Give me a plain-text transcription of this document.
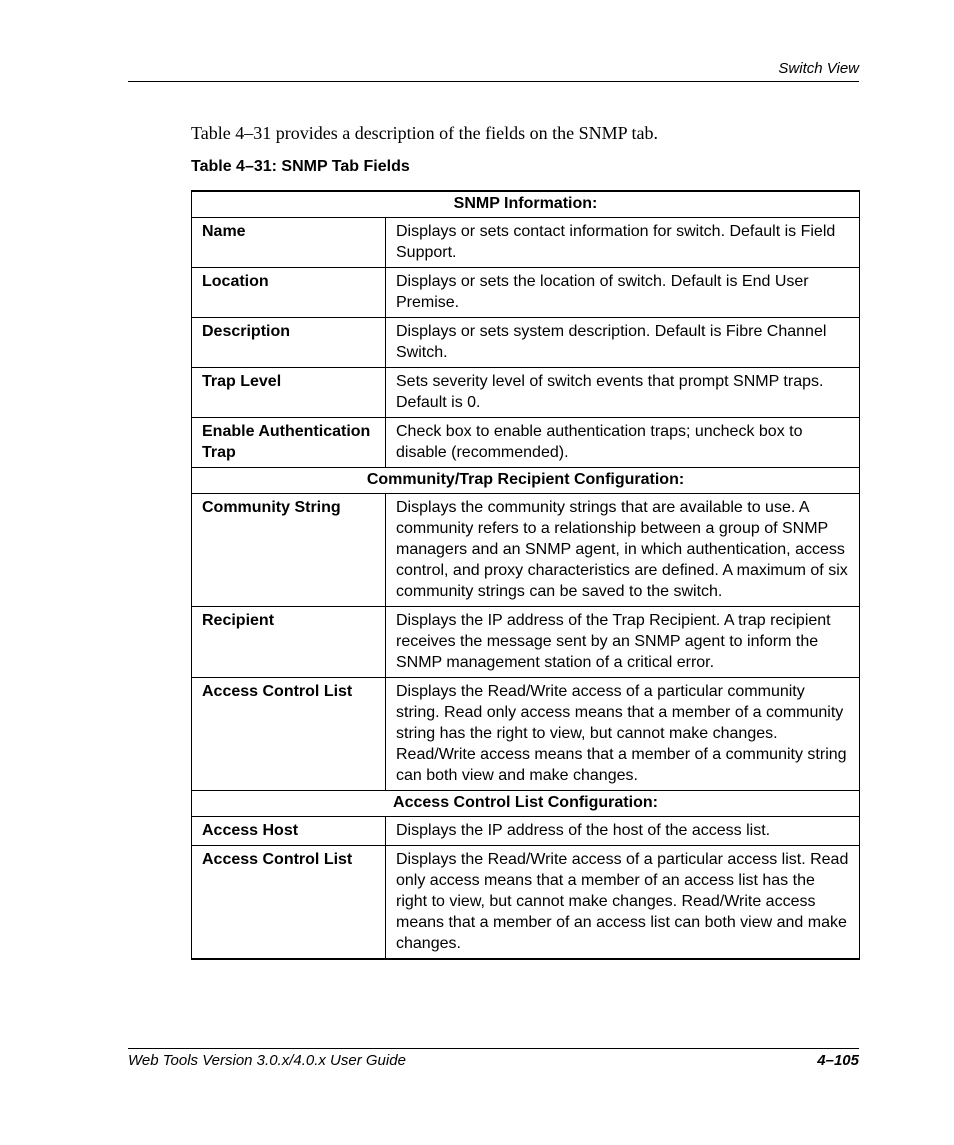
Switch View
Table 4–31 provides a description of the fields on the SNMP tab.
Table 4–31: SNMP Tab Fields
SNMP Information:	
Name	Displays or sets contact information for switch. Default is Field Support.
Location	Displays or sets the location of switch. Default is End User Premise.
Description	Displays or sets system description. Default is Fibre Channel Switch.
Trap Level	Sets severity level of switch events that prompt SNMP traps. Default is 0.
Enable Authentication Trap	Check box to enable authentication traps; uncheck box to disable (recommended).
Community/Trap Recipient Configuration:	
Community String	Displays the community strings that are available to use. A community refers to a relationship between a group of SNMP managers and an SNMP agent, in which authentication, access control, and proxy characteristics are defined. A maximum of six community strings can be saved to the switch.
Recipient	Displays the IP address of the Trap Recipient. A trap recipient receives the message sent by an SNMP agent to inform the SNMP management station of a critical error.
Access Control List	Displays the Read/Write access of a particular community string. Read only access means that a member of a community string has the right to view, but cannot make changes. Read/Write access means that a member of a community string can both view and make changes.
Access Control List Configuration:	
Access Host	Displays the IP address of the host of the access list.
Access Control List	Displays the Read/Write access of a particular access list. Read only access means that a member of an access list has the right to view, but cannot make changes. Read/Write access means that a member of an access list can both view and make changes.
Web Tools Version 3.0.x/4.0.x User Guide	4–105
